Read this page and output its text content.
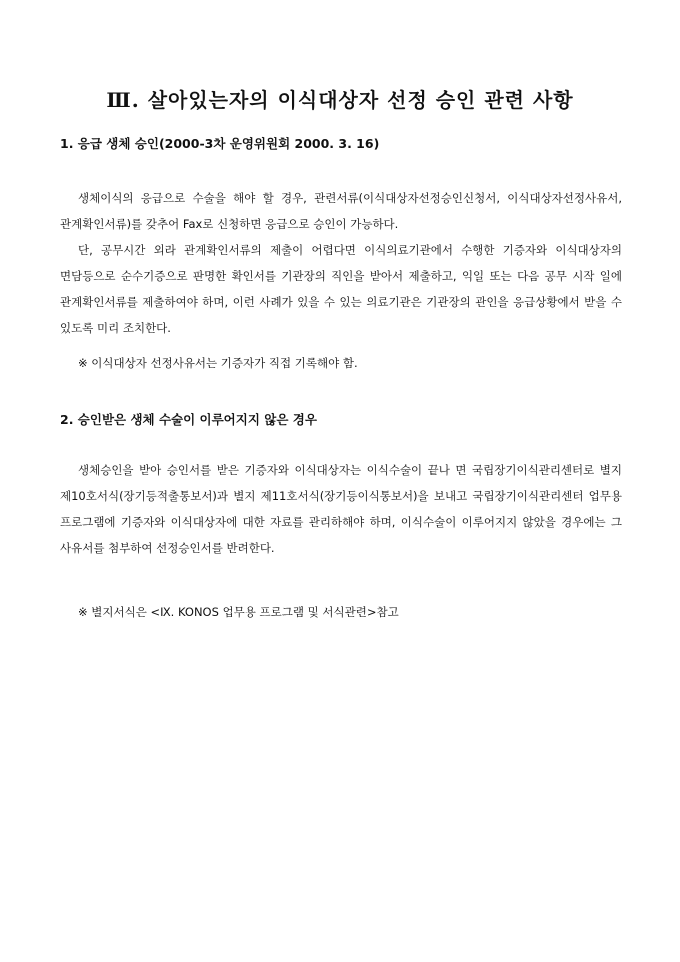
Ⅲ. 살아있는자의 이식대상자 선정 승인 관련 사항
1. 응급 생체 승인(2000-3차 운영위원회 2000. 3. 16)

생체이식의 응급으로 수술을 해야 할 경우, 관련서류(이식대상자선정승인신청서, 이식대상자선정사유서, 관계확인서류)를 갖추어 Fax로 신청하면 응급으로 승인이 가능하다.

단, 공무시간 외라 관계확인서류의 제출이 어렵다면 이식의료기관에서 수행한 기증자와 이식대상자의 면담등으로 순수기증으로 판명한 확인서를 기관장의 직인을 받아서 제출하고, 익일 또는 다음 공무 시작 일에 관계확인서류를 제출하여야 하며, 이런 사례가 있을 수 있는 의료기관은 기관장의 관인을 응급상황에서 받을 수 있도록 미리 조치한다.

※ 이식대상자 선정사유서는 기증자가 직접 기록해야 함.

2. 승인받은 생체 수술이 이루어지지 않은 경우

생체승인을 받아 승인서를 받은 기증자와 이식대상자는 이식수술이 끝나 면 국립장기이식관리센터로 별지 제10호서식(장기등적출통보서)과 별지 제11호서식(장기등이식통보서)을 보내고 국립장기이식관리센터 업무용 프로그램에 기증자와 이식대상자에 대한 자료를 관리하해야 하며, 이식수술이 이루어지지 않았을 경우에는 그 사유서를 첨부하여 선정승인서를 반려한다.

※ 별지서식은 <Ⅸ. KONOS 업무용 프로그램 및 서식관련>참고
